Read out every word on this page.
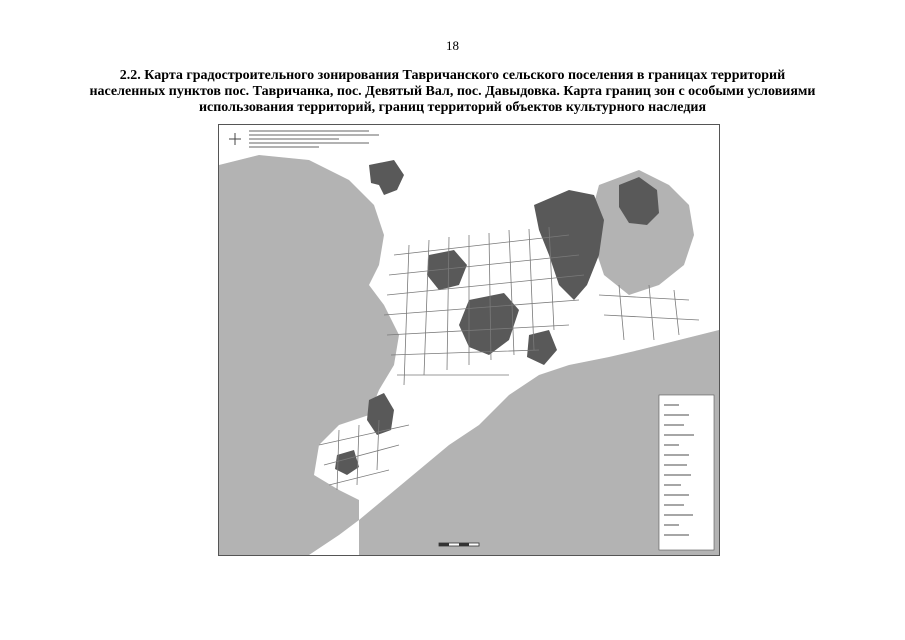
18
2.2. Карта градостроительного зонирования Тавричанского сельского поселения в границах территорий
населенных пунктов пос. Тавричанка, пос. Девятый Вал, пос. Давыдовка. Карта границ зон с особыми условиями
использования территорий, границ территорий объектов культурного наследия
